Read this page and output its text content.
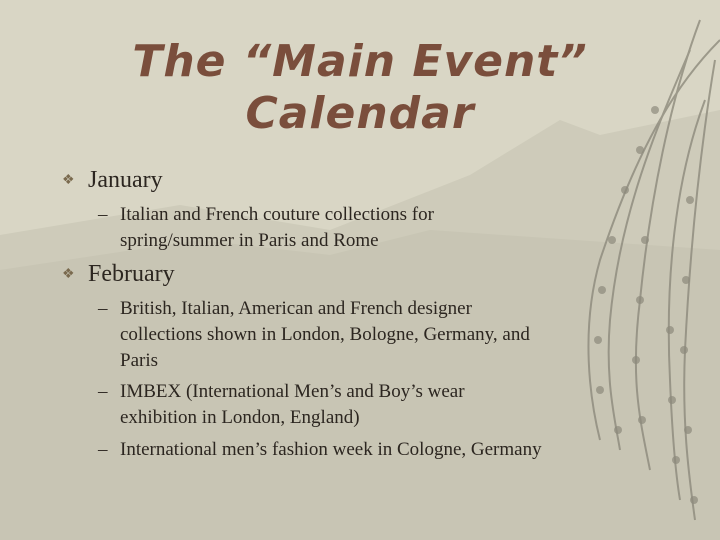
The “Main Event”
Calendar
❖ January
– Italian and French couture collections for
spring/summer in Paris and Rome
❖ February
– British, Italian, American and French designer
collections shown in London, Bologne, Germany, and
Paris
– IMBEX (International Men’s and Boy’s wear
exhibition in London, England)
– International men’s fashion week in Cologne, Germany
